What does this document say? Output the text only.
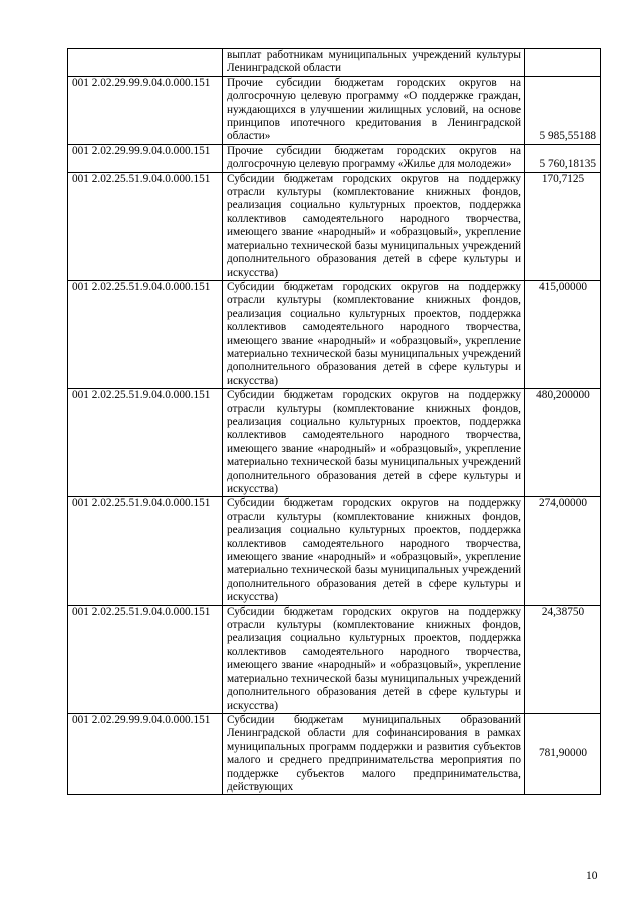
	выплат работникам муниципальных учреждений культуры Ленинградской области	
001 2.02.29.99.9.04.0.000.151	Прочие субсидии бюджетам городских округов на долгосрочную целевую программу «О поддержке граждан, нуждающихся в улучшении жилищных условий, на основе принципов ипотечного кредитования в Ленинградской области»	5 985,55188
001 2.02.29.99.9.04.0.000.151	Прочие субсидии бюджетам городских округов на долгосрочную целевую программу «Жилье для молодежи»	5 760,18135
001 2.02.25.51.9.04.0.000.151	Субсидии бюджетам городских округов на поддержку отрасли культуры (комплектование книжных фондов, реализация социально культурных проектов, поддержка коллективов самодеятельного народного творчества, имеющего звание «народный» и «образцовый», укрепление материально технической базы муниципальных учреждений дополнительного образования детей в сфере культуры и искусства)	170,7125
001 2.02.25.51.9.04.0.000.151	Субсидии бюджетам городских округов на поддержку отрасли культуры (комплектование книжных фондов, реализация социально культурных проектов, поддержка коллективов самодеятельного народного творчества, имеющего звание «народный» и «образцовый», укрепление материально технической базы муниципальных учреждений дополнительного образования детей в сфере культуры и искусства)	415,00000
001 2.02.25.51.9.04.0.000.151	Субсидии бюджетам городских округов на поддержку отрасли культуры (комплектование книжных фондов, реализация социально культурных проектов, поддержка коллективов самодеятельного народного творчества, имеющего звание «народный» и «образцовый», укрепление материально технической базы муниципальных учреждений дополнительного образования детей в сфере культуры и искусства)	480,200000
001 2.02.25.51.9.04.0.000.151	Субсидии бюджетам городских округов на поддержку отрасли культуры (комплектование книжных фондов, реализация социально культурных проектов, поддержка коллективов самодеятельного народного творчества, имеющего звание «народный» и «образцовый», укрепление материально технической базы муниципальных учреждений дополнительного образования детей в сфере культуры и искусства)	274,00000
001 2.02.25.51.9.04.0.000.151	Субсидии бюджетам городских округов на поддержку отрасли культуры (комплектование книжных фондов, реализация социально культурных проектов, поддержка коллективов самодеятельного народного творчества, имеющего звание «народный» и «образцовый», укрепление материально технической базы муниципальных учреждений дополнительного образования детей в сфере культуры и искусства)	24,38750
001 2.02.29.99.9.04.0.000.151	Субсидии бюджетам муниципальных образований Ленинградской области для софинансирования в рамках муниципальных программ поддержки и развития субъектов малого и среднего предпринимательства мероприятия по поддержке субъектов малого предпринимательства, действующих	781,90000
10
